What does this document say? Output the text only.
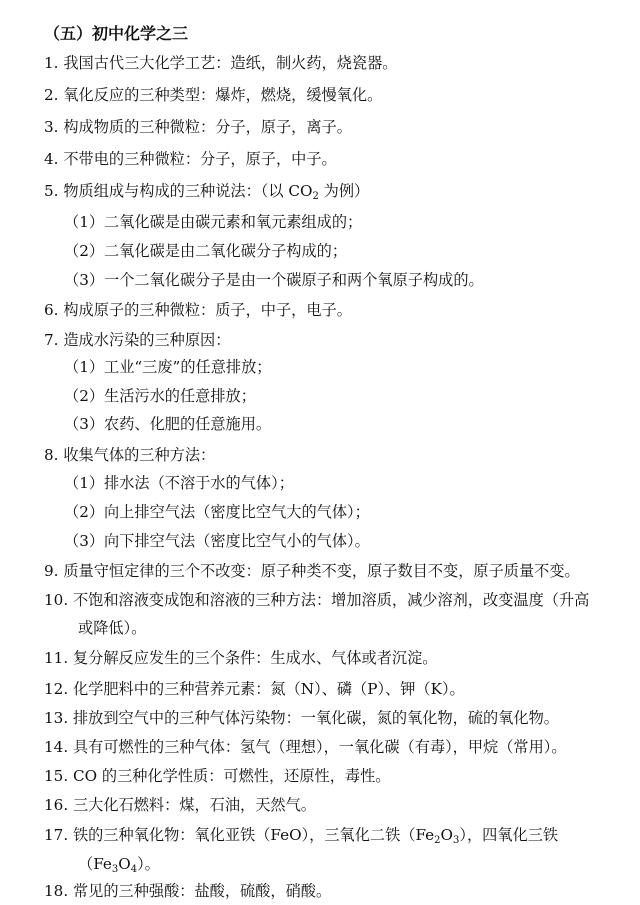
（五）初中化学之三
1. 我国古代三大化学工艺：造纸，制火药，烧瓷器。
2. 氧化反应的三种类型：爆炸，燃烧，缓慢氧化。
3. 构成物质的三种微粒：分子，原子，离子。
4. 不带电的三种微粒：分子，原子，中子。
5. 物质组成与构成的三种说法：（以 $CO_2$ 为例）
（1）二氧化碳是由碳元素和氧元素组成的；
（2）二氧化碳是由二氧化碳分子构成的；
（3）一个二氧化碳分子是由一个碳原子和两个氧原子构成的。
6. 构成原子的三种微粒：质子，中子，电子。
7. 造成水污染的三种原因：
（1）工业“三废”的任意排放；
（2）生活污水的任意排放；
（3）农药、化肥的任意施用。
8. 收集气体的三种方法：
（1）排水法（不溶于水的气体）；
（2）向上排空气法（密度比空气大的气体）；
（3）向下排空气法（密度比空气小的气体）。
9. 质量守恒定律的三个不改变：原子种类不变，原子数目不变，原子质量不变。
10. 不饱和溶液变成饱和溶液的三种方法：增加溶质，减少溶剂，改变温度（升高
或降低）。
11. 复分解反应发生的三个条件：生成水、气体或者沉淀。
12. 化学肥料中的三种营养元素：氮（N）、磷（P）、钾（K）。
13. 排放到空气中的三种气体污染物：一氧化碳，氮的氧化物，硫的氧化物。
14. 具有可燃性的三种气体：氢气（理想），一氧化碳（有毒），甲烷（常用）。
15. CO 的三种化学性质：可燃性，还原性，毒性。
16. 三大化石燃料：煤，石油，天然气。
17. 铁的三种氧化物：氧化亚铁（FeO），三氧化二铁$(Fe_2O_3)$，四氧化三铁
$(Fe_3O_4)$。
18. 常见的三种强酸：盐酸，硫酸，硝酸。
